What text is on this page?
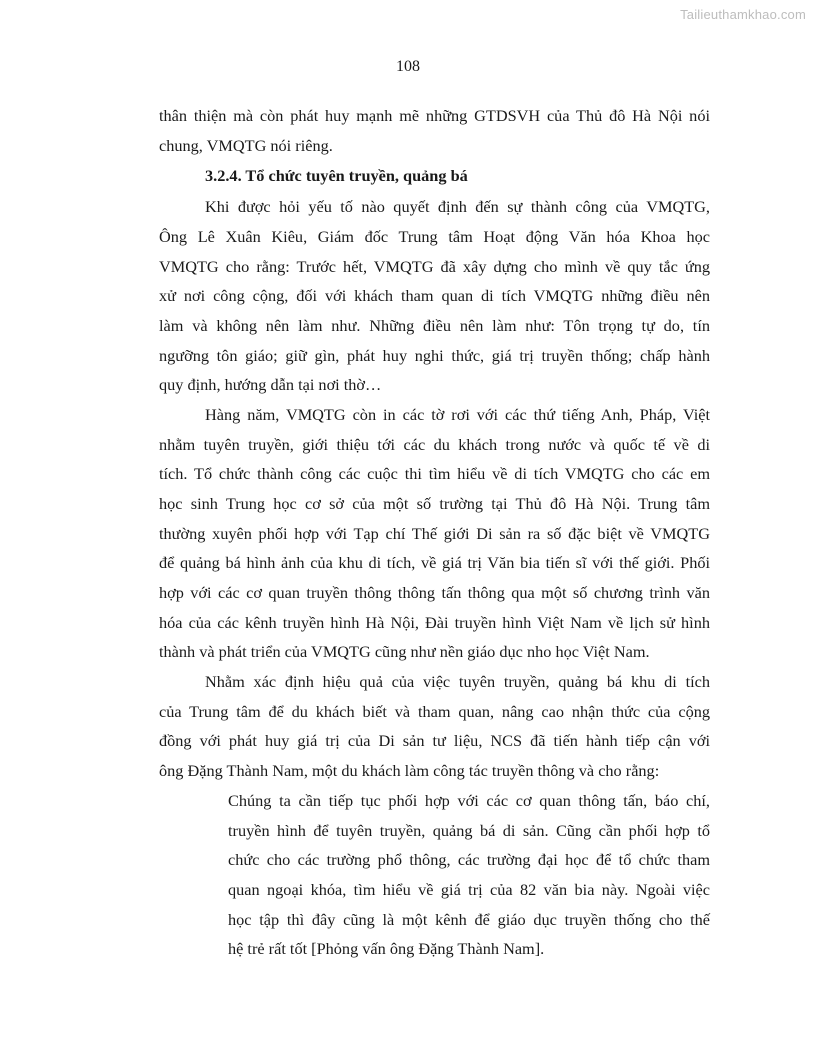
Tailieuthamkhao.com
108
thân thiện mà còn phát huy mạnh mẽ những GTDSVH của Thủ đô Hà Nội nói
chung, VMQTG nói riêng.
3.2.4. Tổ chức tuyên truyền, quảng bá
Khi được hỏi yếu tố nào quyết định đến sự thành công của VMQTG,
Ông Lê Xuân Kiêu, Giám đốc Trung tâm Hoạt động Văn hóa Khoa học
VMQTG cho rằng: Trước hết, VMQTG đã xây dựng cho mình về quy tắc ứng
xử nơi công cộng, đối với khách tham quan di tích VMQTG những điều nên
làm và không nên làm như. Những điều nên làm như: Tôn trọng tự do, tín
ngưỡng tôn giáo; giữ gìn, phát huy nghi thức, giá trị truyền thống; chấp hành
quy định, hướng dẫn tại nơi thờ…
Hàng năm, VMQTG còn in các tờ rơi với các thứ tiếng Anh, Pháp, Việt
nhằm tuyên truyền, giới thiệu tới các du khách trong nước và quốc tế về di
tích. Tổ chức thành công các cuộc thi tìm hiểu về di tích VMQTG cho các em
học sinh Trung học cơ sở của một số trường tại Thủ đô Hà Nội. Trung tâm
thường xuyên phối hợp với Tạp chí Thế giới Di sản ra số đặc biệt về VMQTG
để quảng bá hình ảnh của khu di tích, về giá trị Văn bia tiến sĩ với thế giới. Phối
hợp với các cơ quan truyền thông thông tấn thông qua một số chương trình văn
hóa của các kênh truyền hình Hà Nội, Đài truyền hình Việt Nam về lịch sử hình
thành và phát triển của VMQTG cũng như nền giáo dục nho học Việt Nam.
Nhằm xác định hiệu quả của việc tuyên truyền, quảng bá khu di tích
của Trung tâm để du khách biết và tham quan, nâng cao nhận thức của cộng
đồng với phát huy giá trị của Di sản tư liệu, NCS đã tiến hành tiếp cận với
ông Đặng Thành Nam, một du khách làm công tác truyền thông và cho rằng:
Chúng ta cần tiếp tục phối hợp với các cơ quan thông tấn, báo chí,
truyền hình để tuyên truyền, quảng bá di sản. Cũng cần phối hợp tổ
chức cho các trường phổ thông, các trường đại học để tổ chức tham
quan ngoại khóa, tìm hiểu về giá trị của 82 văn bia này. Ngoài việc
học tập thì đây cũng là một kênh để giáo dục truyền thống cho thế
hệ trẻ rất tốt [Phỏng vấn ông Đặng Thành Nam].
